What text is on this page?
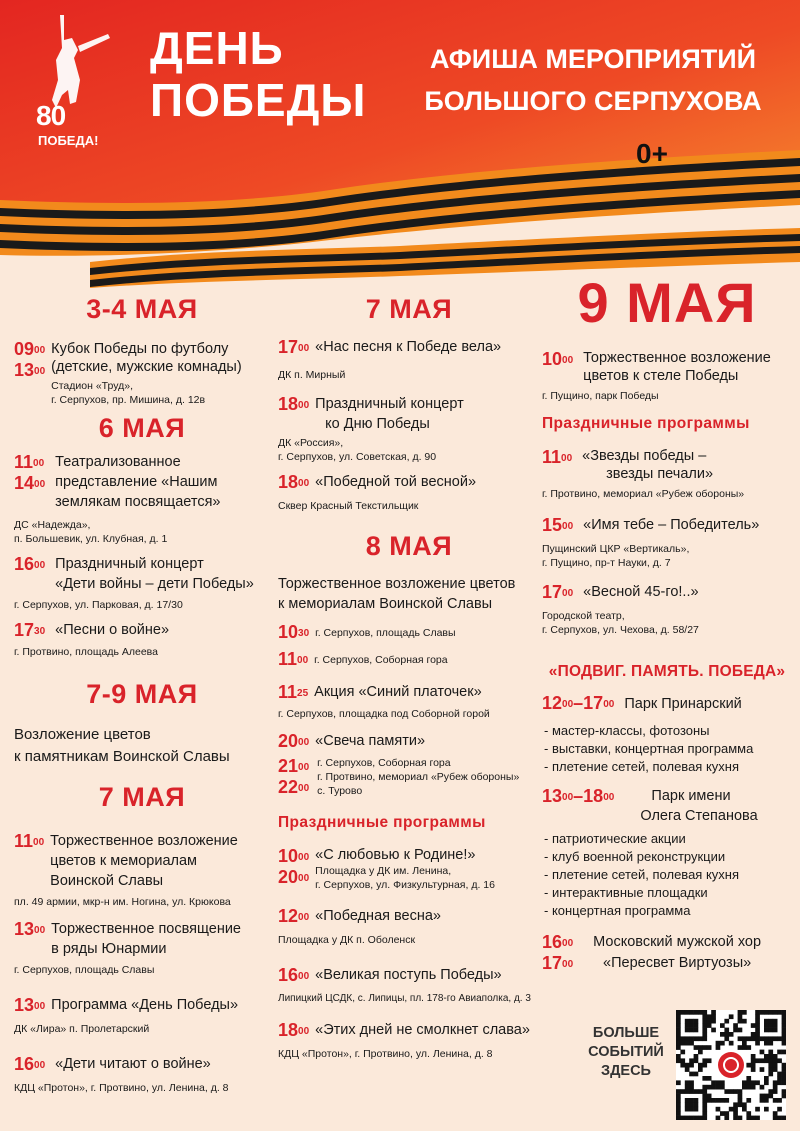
80
ПОБЕДА!
ДЕНЬ
ПОБЕДЫ
АФИША МЕРОПРИЯТИЙ
БОЛЬШОГО СЕРПУХОВА
0+
3-4 МАЯ
$09^{00}$
$13^{00}$
Кубок Победы по футболу
(детские, мужские комнады)
Стадион «Труд»,
г. Серпухов, пр. Мишина, д. 12в
6 МАЯ
$11^{00}$
$14^{00}$
Театрализованное
представление «Нашим
землякам посвящается»
ДС «Надежда»,
п. Большевик, ул. Клубная, д. 1
$16^{00}$ Праздничный концерт
«Дети войны – дети Победы»
г. Серпухов, ул. Парковая, д. 17/30
$17^{30}$ «Песни о войне»
г. Протвино, площадь Алеева
7-9 МАЯ
Возложение цветов
к памятникам Воинской Славы
7 МАЯ
$11^{00}$ Торжественное возложение
цветов к мемориалам
Воинской Славы
пл. 49 армии, мкр-н им. Ногина, ул. Крюкова
$13^{00}$ Торжественное посвящение
в ряды Юнармии
г. Серпухов, площадь Славы
$13^{00}$ Программа «День Победы»
ДК «Лира» п. Пролетарский
$16^{00}$ «Дети читают о войне»
КДЦ «Протон», г. Протвино, ул. Ленина, д. 8
7 МАЯ
$17^{00}$ «Нас песня к Победе вела»
ДК п. Мирный
$18^{00}$ Праздничный концерт
ко Дню Победы
ДК «Россия»,
г. Серпухов, ул. Советская, д. 90
$18^{00}$ «Победной той весной»
Сквер Красный Текстильщик
8 МАЯ
Торжественное возложение цветов
к мемориалам Воинской Славы
$10^{30}$ г. Серпухов, площадь Славы
$11^{00}$ г. Серпухов, Соборная гора
$11^{25}$ Акция «Синий платочек»
г. Серпухов, площадка под Соборной горой
$20^{00}$ «Свеча памяти»
$21^{00}$
$22^{00}$
г. Серпухов, Соборная гора
г. Протвино, мемориал «Рубеж обороны»
с. Турово
Праздничные программы
$10^{00}$
$20^{00}$
«С любовью к Родине!»
Площадка у ДК им. Ленина,
г. Серпухов, ул. Физкультурная, д. 16
$12^{00}$ «Победная весна»
Площадка у ДК п. Оболенск
$16^{00}$ «Великая поступь Победы»
Липицкий ЦСДК, с. Липицы, пл. 178-го Авиаполка, д. 3
$18^{00}$ «Этих дней не смолкнет слава»
КДЦ «Протон», г. Протвино, ул. Ленина, д. 8
9 МАЯ
$10^{00}$ Торжественное возложение
цветов к стеле Победы
г. Пущино, парк Победы
Праздничные программы
$11^{00}$ «Звезды победы –
звезды печали»
г. Протвино, мемориал «Рубеж обороны»
$15^{00}$ «Имя тебе – Победитель»
Пущинский ЦКР «Вертикаль»,
г. Пущино, пр-т Науки, д. 7
$17^{00}$ «Весной 45-го!..»
Городской театр,
г. Серпухов, ул. Чехова, д. 58/27
«ПОДВИГ. ПАМЯТЬ. ПОБЕДА»
$12^{00}-17^{00}$ Парк Принарский
- мастер-классы, фотозоны
- выставки, концертная программа
- плетение сетей, полевая кухня
$13^{00}-18^{00}$	Парк имени
Олега Степанова
- патриотические акции
- клуб военной реконструкции
- плетение сетей, полевая кухня
- интерактивные площадки
- концертная программа
$16^{00}$
$17^{00}$
Московский мужской хор
«Пересвет Виртуозы»
БОЛЬШЕ
СОБЫТИЙ
ЗДЕСЬ
